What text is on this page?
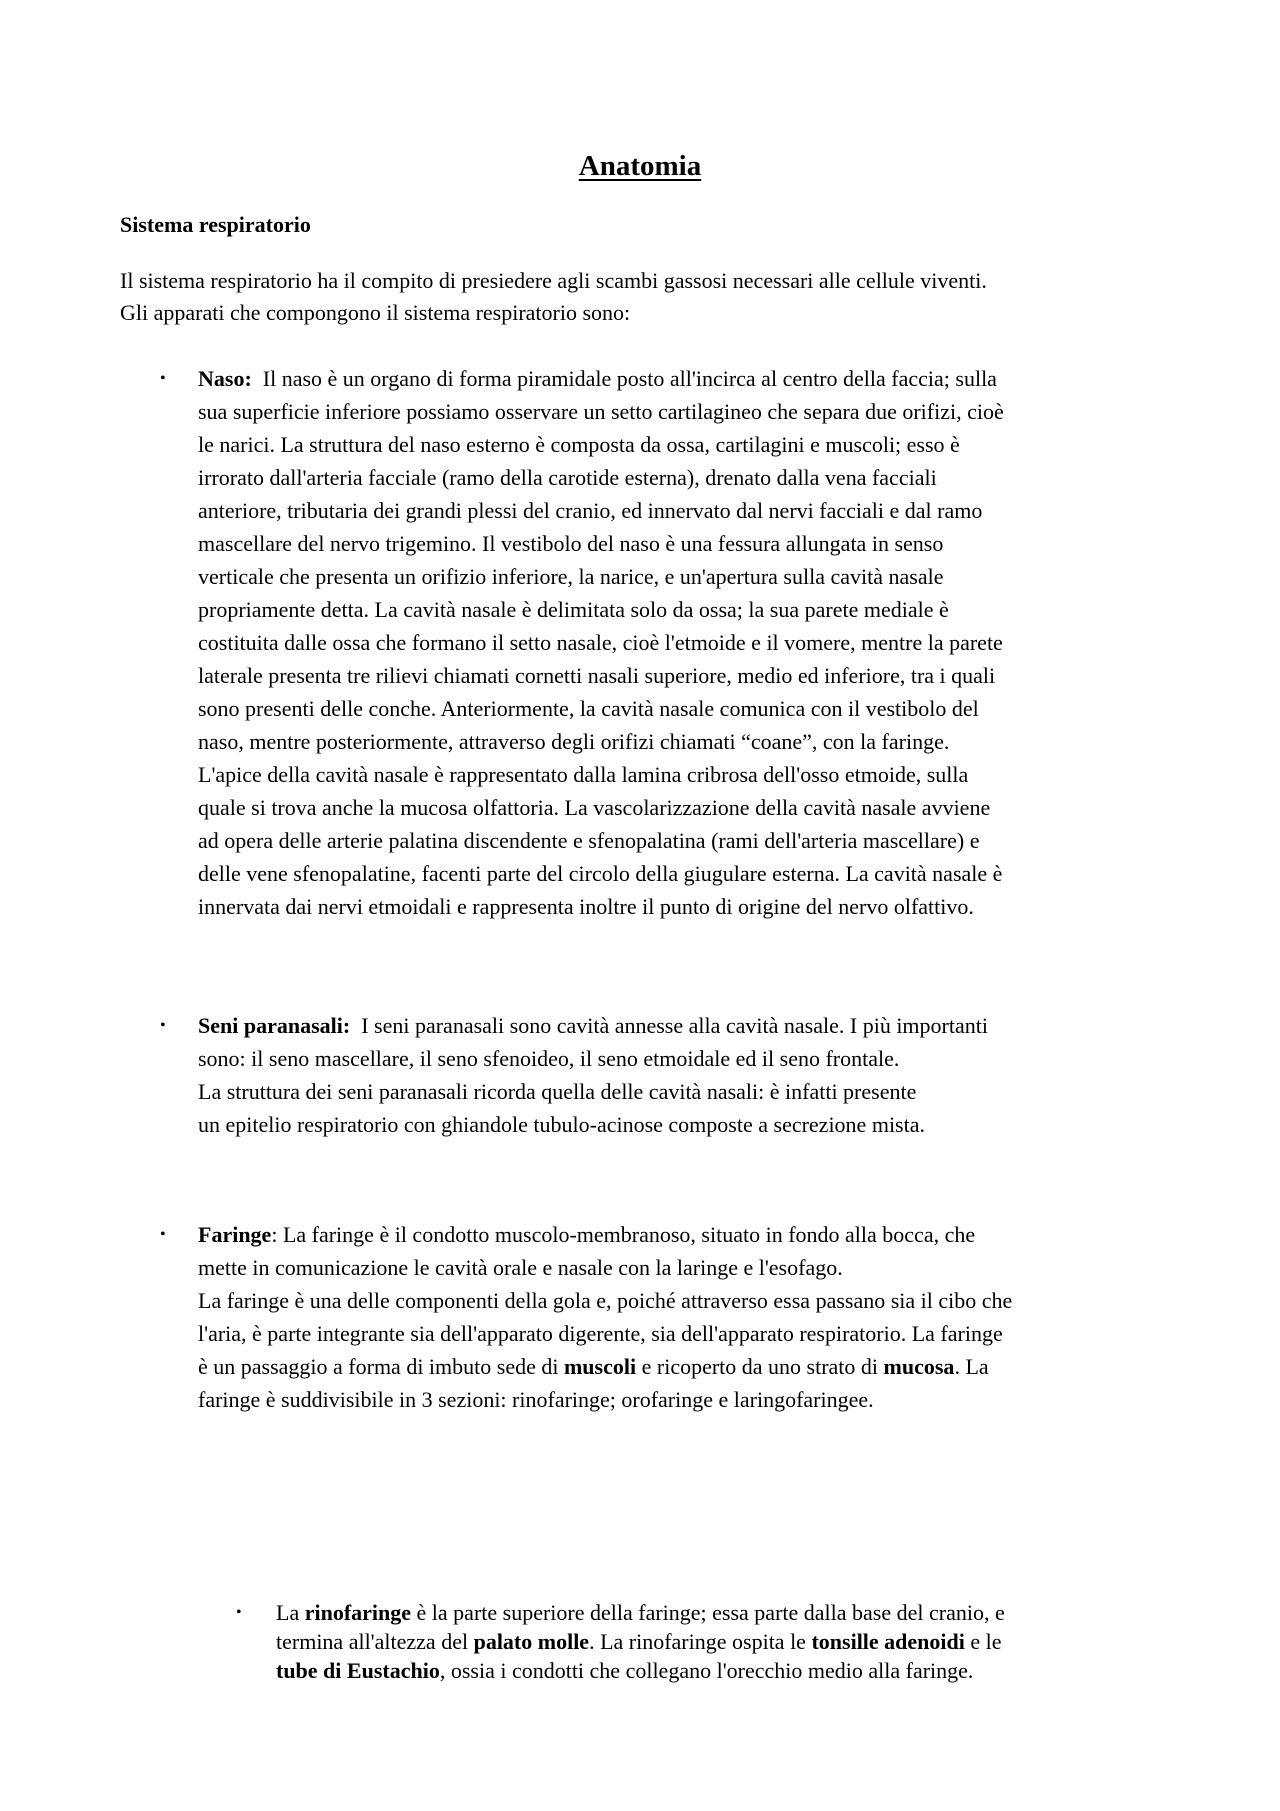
Anatomia
Sistema respiratorio

Il sistema respiratorio ha il compito di presiedere agli scambi gassosi necessari alle cellule viventi.
Gli apparati che compongono il sistema respiratorio sono:

• Naso: Il naso è un organo di forma piramidale posto all'incirca al centro della faccia; sulla
sua superficie inferiore possiamo osservare un setto cartilagineo che separa due orifizi, cioè
le narici. La struttura del naso esterno è composta da ossa, cartilagini e muscoli; esso è
irrorato dall'arteria facciale (ramo della carotide esterna), drenato dalla vena facciali
anteriore, tributaria dei grandi plessi del cranio, ed innervato dal nervi facciali e dal ramo
mascellare del nervo trigemino. Il vestibolo del naso è una fessura allungata in senso
verticale che presenta un orifizio inferiore, la narice, e un'apertura sulla cavità nasale
propriamente detta. La cavità nasale è delimitata solo da ossa; la sua parete mediale è
costituita dalle ossa che formano il setto nasale, cioè l'etmoide e il vomere, mentre la parete
laterale presenta tre rilievi chiamati cornetti nasali superiore, medio ed inferiore, tra i quali
sono presenti delle conche. Anteriormente, la cavità nasale comunica con il vestibolo del
naso, mentre posteriormente, attraverso degli orifizi chiamati “coane”, con la faringe.
L'apice della cavità nasale è rappresentato dalla lamina cribrosa dell'osso etmoide, sulla
quale si trova anche la mucosa olfattoria. La vascolarizzazione della cavità nasale avviene
ad opera delle arterie palatina discendente e sfenopalatina (rami dell'arteria mascellare) e
delle vene sfenopalatine, facenti parte del circolo della giugulare esterna. La cavità nasale è
innervata dai nervi etmoidali e rappresenta inoltre il punto di origine del nervo olfattivo.
• Seni paranasali: I seni paranasali sono cavità annesse alla cavità nasale. I più importanti
sono: il seno mascellare, il seno sfenoideo, il seno etmoidale ed il seno frontale.
La struttura dei seni paranasali ricorda quella delle cavità nasali: è infatti presente
un epitelio respiratorio con ghiandole tubulo-acinose composte a secrezione mista.
• Faringe: La faringe è il condotto muscolo-membranoso, situato in fondo alla bocca, che
mette in comunicazione le cavità orale e nasale con la laringe e l'esofago.
La faringe è una delle componenti della gola e, poiché attraverso essa passano sia il cibo che
l'aria, è parte integrante sia dell'apparato digerente, sia dell'apparato respiratorio. La faringe
è un passaggio a forma di imbuto sede di muscoli e ricoperto da uno strato di mucosa. La
faringe è suddivisibile in 3 sezioni: rinofaringe; orofaringe e laringofaringee.
• La rinofaringe è la parte superiore della faringe; essa parte dalla base del cranio, e
termina all'altezza del palato molle. La rinofaringe ospita le tonsille adenoidi e le
tube di Eustachio, ossia i condotti che collegano l'orecchio medio alla faringe.
